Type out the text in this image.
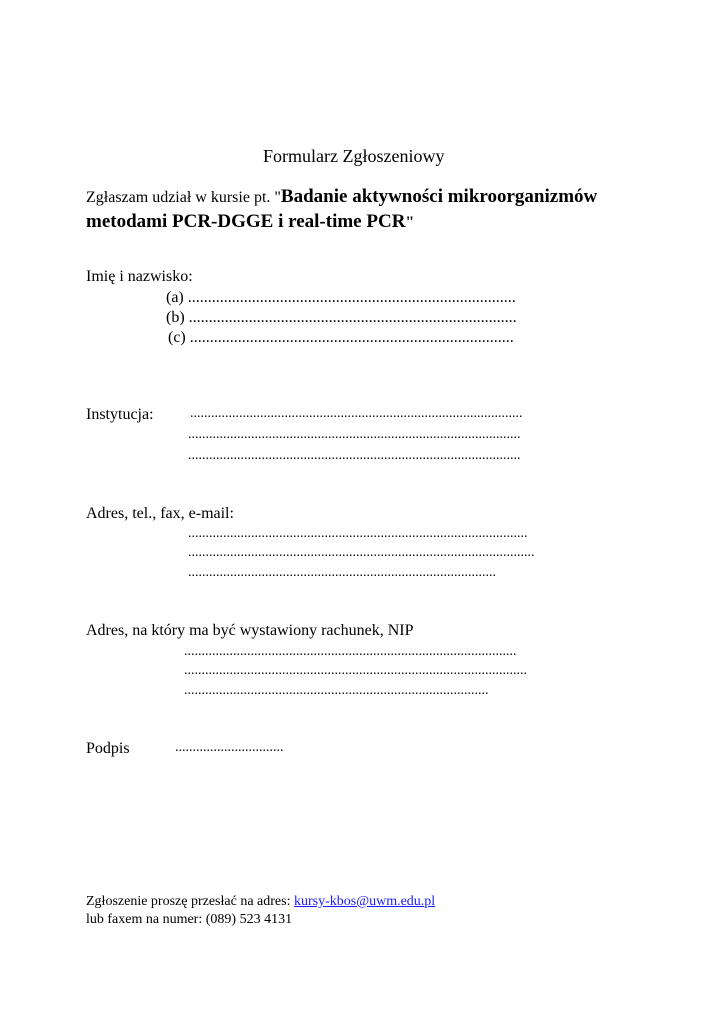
Formularz Zgłoszeniowy
Zgłaszam udział w kursie pt. "Badanie aktywności mikroorganizmów
metodami PCR-DGGE i real-time PCR"
Imię i nazwisko:
(a) ..................................................................................
(b) ..................................................................................
(c) .................................................................................
Instytucja:	...............................................................................................
...............................................................................................
...............................................................................................
Adres, tel., fax, e-mail:
.................................................................................................
...................................................................................................
........................................................................................
Adres, na który ma być wystawiony rachunek, NIP
...............................................................................................
..................................................................................................
.......................................................................................
Podpis	...............................
Zgłoszenie proszę przesłać na adres: kursy-kbos@uwm.edu.pl
lub faxem na numer: (089) 523 4131
